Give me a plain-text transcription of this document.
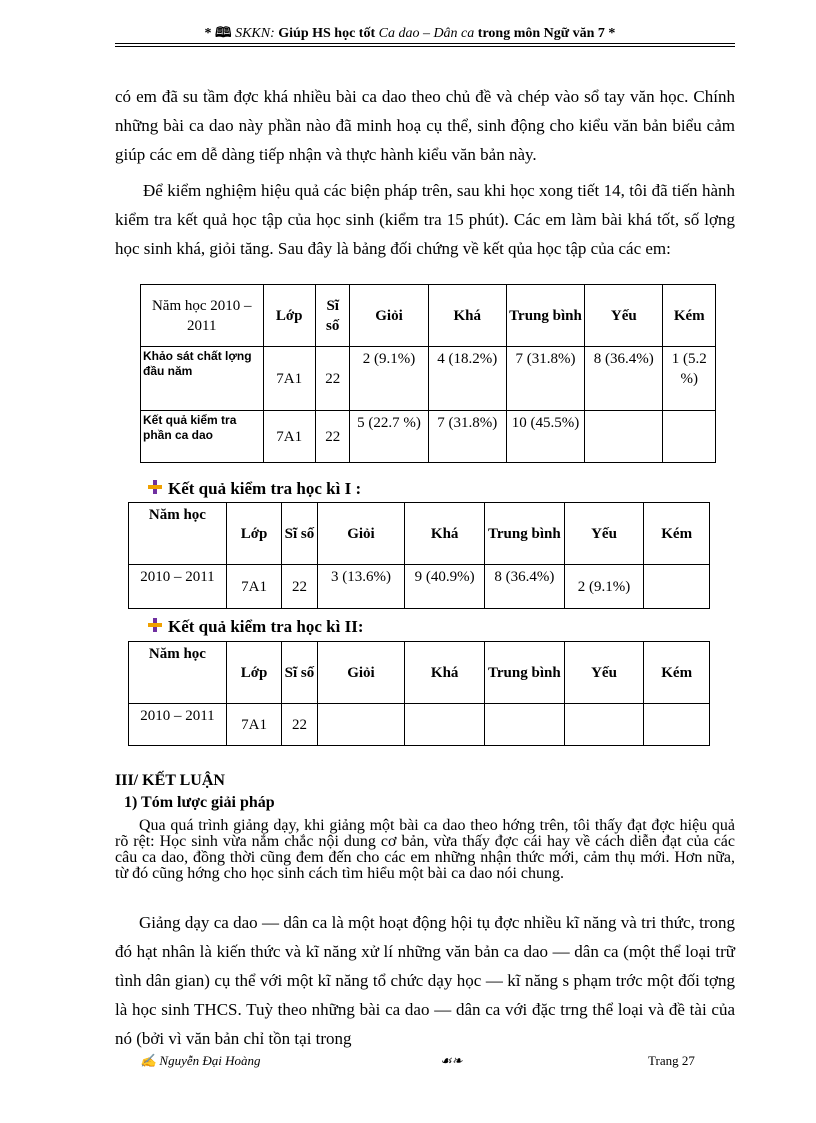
* 🕮 SKKN: Giúp HS học tốt Ca dao – Dân ca trong môn Ngữ văn 7 *
có em đã su tầm đợc khá nhiều bài ca dao theo chủ đề và chép vào sổ tay văn học. Chính những bài ca dao này phần nào đã minh hoạ cụ thể, sinh động cho kiểu văn bản biểu cảm giúp các em dễ dàng tiếp nhận và thực hành kiểu văn bản này.
Để kiểm nghiệm hiệu quả các biện pháp trên, sau khi học xong tiết 14, tôi đã tiến hành kiểm tra kết quả học tập của học sinh (kiểm tra 15 phút). Các em làm bài khá tốt, số lợng học sinh khá, giỏi tăng. Sau đây là bảng đối chứng về kết qủa học tập của các em:
Năm học 2010 – 2011	Lớp	Sĩ số	Giỏi	Khá	Trung bình	Yếu	Kém
Khảo sát chất lợng đầu năm	7A1	22	2 (9.1%)	4 (18.2%)	7 (31.8%)	8 (36.4%)	1 (5.2 %)
Kết quả kiểm tra phần ca dao	7A1	22	5 (22.7 %)	7 (31.8%)	10 (45.5%)		
Kết quả kiểm tra học kì I :
Năm học	Lớp	Sĩ số	Giỏi	Khá	Trung bình	Yếu	Kém
2010 – 2011	7A1	22	3 (13.6%)	9 (40.9%)	8 (36.4%)	2 (9.1%)	
Kết quả kiểm tra học kì II:
Năm học	Lớp	Sĩ số	Giỏi	Khá	Trung bình	Yếu	Kém
2010 – 2011	7A1	22					
III/ KẾT LUẬN
1) Tóm lược giải pháp
Qua quá trình giảng dạy, khi giảng một bài ca dao theo hớng trên, tôi thấy đạt đợc hiệu quả rõ rệt: Học sinh vừa nắm chắc nội dung cơ bản, vừa thấy đợc cái hay về cách diễn đạt của các câu ca dao, đồng thời cũng đem đến cho các em những nhận thức mới, cảm thụ mới. Hơn nữa, từ đó cũng hớng cho học sinh cách tìm hiểu một bài ca dao nói chung.
Giảng dạy ca dao — dân ca là một hoạt động hội tụ đợc nhiều kĩ năng và tri thức, trong đó hạt nhân là kiến thức và kĩ năng xử lí những văn bản ca dao — dân ca (một thể loại trữ tình dân gian) cụ thể với một kĩ năng tổ chức dạy học — kĩ năng s phạm trớc một đối tợng là học sinh THCS. Tuỳ theo những bài ca dao — dân ca với đặc trng thể loại và đề tài của nó (bởi vì văn bản chỉ tồn tại trong
✍ Nguyễn Đại Hoàng	☙❧	Trang 27
